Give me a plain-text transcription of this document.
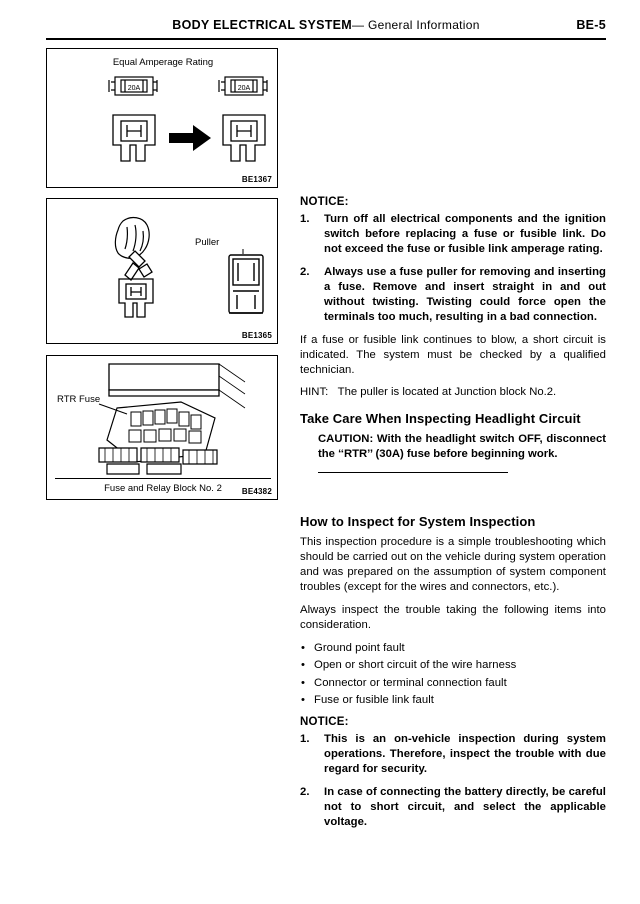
BODY ELECTRICAL SYSTEM— General Information	BE-5
Equal Amperage Rating
20A	20A
BE1367
Puller
BE1365
RTR Fuse
Fuse and Relay Block No. 2	BE4382
NOTICE:
1. Turn off all electrical components and the ignition switch before replacing a fuse or fusible link. Do not exceed the fuse or fusible link amperage rating.
2. Always use a fuse puller for removing and inserting a fuse. Remove and insert straight in and out without twisting. Twisting could force open the terminals too much, resulting in a bad connection.

If a fuse or fusible link continues to blow, a short circuit is indicated. The system must be checked by a qualified technician.

HINT: The puller is located at Junction block No.2.

Take Care When Inspecting Headlight Circuit

CAUTION: With the headlight switch OFF, disconnect the ‘‘RTR’’ (30A) fuse before beginning work.

How to Inspect for System Inspection

This inspection procedure is a simple troubleshooting which should be carried out on the vehicle during system operation and was prepared on the assumption of system component troubles (except for the wires and connectors, etc.).

Always inspect the trouble taking the following items into consideration.

• Ground point fault
• Open or short circuit of the wire harness
• Connector or terminal connection fault
• Fuse or fusible link fault
NOTICE:
1. This is an on-vehicle inspection during system operations. Therefore, inspect the trouble with due regard for security.
2. In case of connecting the battery directly, be careful not to short circuit, and select the applicable voltage.
